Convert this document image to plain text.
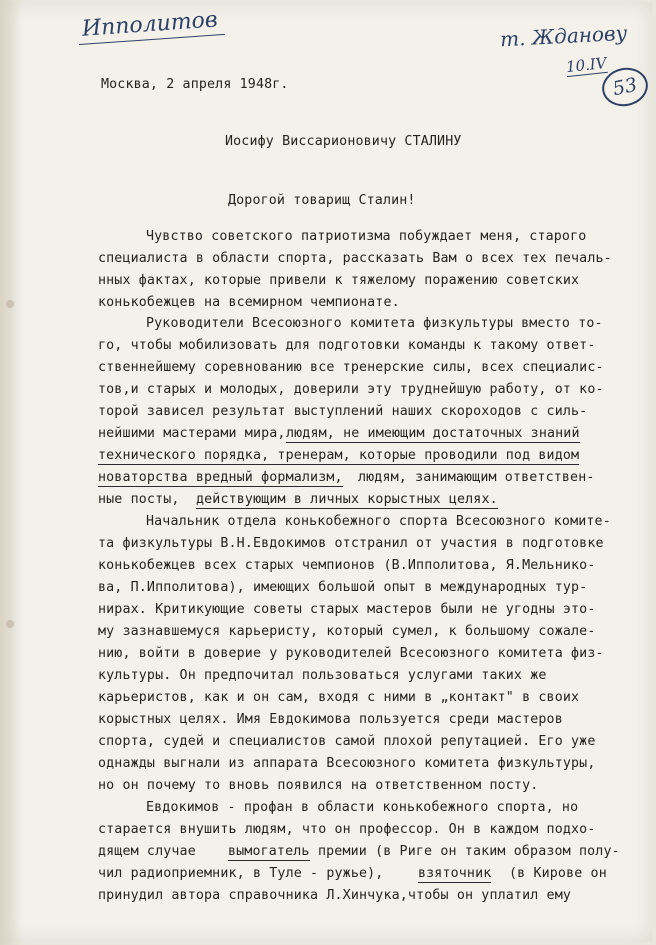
Ипполитов	т. Жданову
10.IV
53
Москва, 2 апреля 1948г.
Иосифу Виссарионовичу СТАЛИНУ
Дорогой товарищ Сталин!
Чувство советского патриотизма побуждает меня, старого
специалиста в области спорта, рассказать Вам о всех тех печаль-
нных фактах, которые привели к тяжелому поражению советских
конькобежцев на всемирном чемпионате.
Руководители Всесоюзного комитета физкультуры вместо то-
го, чтобы мобилизовать для подготовки команды к такому ответ-
ственнейшему соревнованию все тренерские силы, всех специалис-
тов,и старых и молодых, доверили эту труднейшую работу, от ко-
торой зависел результат выступлений наших скороходов с силь-
нейшими мастерами мира, людям, не имеющим достаточных знаний
технического порядка, тренерам, которые проводили под видом
новаторства вредный формализм, людям, занимающим ответствен-
ные посты, действующим в личных корыстных целях.
Начальник отдела конькобежного спорта Всесоюзного комите-
та физкультуры В.Н.Евдокимов отстранил от участия в подготовке
конькобежцев всех старых чемпионов (В.Ипполитова, Я.Мельнико-
ва, П.Ипполитова), имеющих большой опыт в международных тур-
нирах. Критикующие советы старых мастеров были не угодны это-
му зазнавшемуся карьеристу, который сумел, к большому сожале-
нию, войти в доверие у руководителей Всесоюзного комитета физ-
культуры. Он предпочитал пользоваться услугами таких же
карьеристов, как и он сам, входя с ними в „контакт" в своих
корыстных целях. Имя Евдокимова пользуется среди мастеров
спорта, судей и специалистов самой плохой репутацией. Его уже
однажды выгнали из аппарата Всесоюзного комитета физкультуры,
но он почему то вновь появился на ответственном посту.
Евдокимов - профан в области конькобежного спорта, но
старается внушить людям, что он профессор. Он в каждом подхо-
дящем случае вымогатель премии (в Риге он таким образом полу-
чил радиоприемник, в Туле - ружье),	взяточник (в Кирове он
принудил автора справочника Л.Хинчука,чтобы он уплатил ему
